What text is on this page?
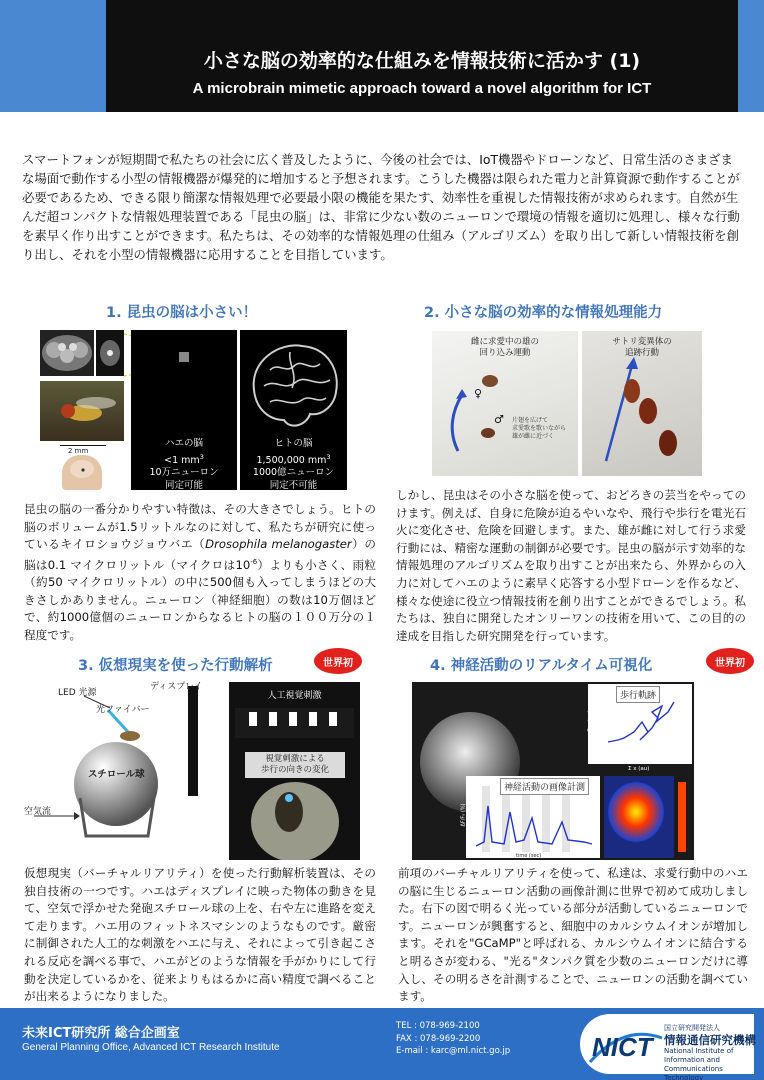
小さな脳の効率的な仕組みを情報技術に活かす (1)
A microbrain mimetic approach toward a novel algorithm for ICT
スマートフォンが短期間で私たちの社会に広く普及したように、今後の社会では、IoT機器やドローンなど、日常生活のさまざまな場面で動作する小型の情報機器が爆発的に増加すると予想されます。こうした機器は限られた電力と計算資源で動作することが必要であるため、できる限り簡潔な情報処理で必要最小限の機能を果たす、効率性を重視した情報技術が求められます。自然が生んだ超コンパクトな情報処理装置である「昆虫の脳」は、非常に少ない数のニューロンで環境の情報を適切に処理し、様々な行動を素早く作り出すことができます。私たちは、その効率的な情報処理の仕組み（アルゴリズム）を取り出して新しい情報技術を創り出し、それを小型の情報機器に応用することを目指しています。
1. 昆虫の脳は小さい！
2 mm
ハエの脳
<1 $mm^3$
10万ニューロン
同定可能
ヒトの脳
1,500,000 $mm^3$
1000億ニューロン
同定不可能
昆虫の脳の一番分かりやすい特徴は、その大きさでしょう。ヒトの脳のボリュームが1.5リットルなのに対して、私たちが研究に使っているキイロショウジョウバエ（Drosophila melanogaster）の脳は0.1 マイクロリットル（マイクロは$10^{-6}$）よりも小さく、雨粒（約50 マイクロリットル）の中に500個も入ってしまうほどの大きさしかありません。ニューロン（神経細胞）の数は10万個ほどで、約1000億個のニューロンからなるヒトの脳の１００万分の１程度です。
2. 小さな脳の効率的な情報処理能力
雌に求愛中の雄の
回り込み運動
♀
♂ 片翅を広げて
求愛歌を歌いながら
雄が雌に近づく
サトリ変異体の
追跡行動
しかし、昆虫はその小さな脳を使って、おどろきの芸当をやってのけます。例えば、自身に危険が迫るやいなや、飛行や歩行を電光石火に変化させ、危険を回避します。また、雄が雌に対して行う求愛行動には、精密な運動の制御が必要です。昆虫の脳が示す効率的な情報処理のアルゴリズムを取り出すことが出来たら、外界からの入力に対してハエのように素早く応答する小型ドローンを作るなど、様々な使途に役立つ情報技術を創り出すことができるでしょう。私たちは、独自に開発したオンリーワンの技術を用いて、この目的の達成を目指した研究開発を行っています。
3. 仮想現実を使った行動解析	世界初
LED 光源
光ファイバー
ディスプレイ
スチロール球
空気流
人工視覚刺激
視覚刺激による
歩行の向きの変化
仮想現実（バーチャルリアリティ）を使った行動解析装置は、その独自技術の一つです。ハエはディスプレイに映った物体の動きを見て、空気で浮かせた発砲スチロール球の上を、右や左に進路を変えて走ります。ハエ用のフィットネスマシンのようなものです。厳密に制御された人工的な刺激をハエに与え、それによって引き起こされる反応を調べる事で、ハエがどのような情報を手がかりにして行動を決定しているかを、従来よりもはるかに高い精度で調べることが出来るようになりました。
4. 神経活動のリアルタイム可視化	世界初
歩行軌跡
神経活動の画像計測
Σ x (au)
Σ y (au)
time (sec)
ΔF/F₀ (%)
前項のバーチャルリアリティを使って、私達は、求愛行動中のハエの脳に生じるニューロン活動の画像計測に世界で初めて成功しました。右下の図で明るく光っている部分が活動しているニューロンです。ニューロンが興奮すると、細胞中のカルシウムイオンが増加します。それを"GCaMP"と呼ばれる、カルシウムイオンに結合すると明るさが変わる、"光る"タンパク質を少数のニューロンだけに導入し、その明るさを計測することで、ニューロンの活動を調べています。
未来ICT研究所 総合企画室
General Planning Office, Advanced ICT Research Institute
TEL : 078-969-2100
FAX : 078-969-2200
E-mail : karc@ml.nict.go.jp	NICT
国立研究開発法人
情報通信研究機構
National Institute of Information and
Communications Technology
